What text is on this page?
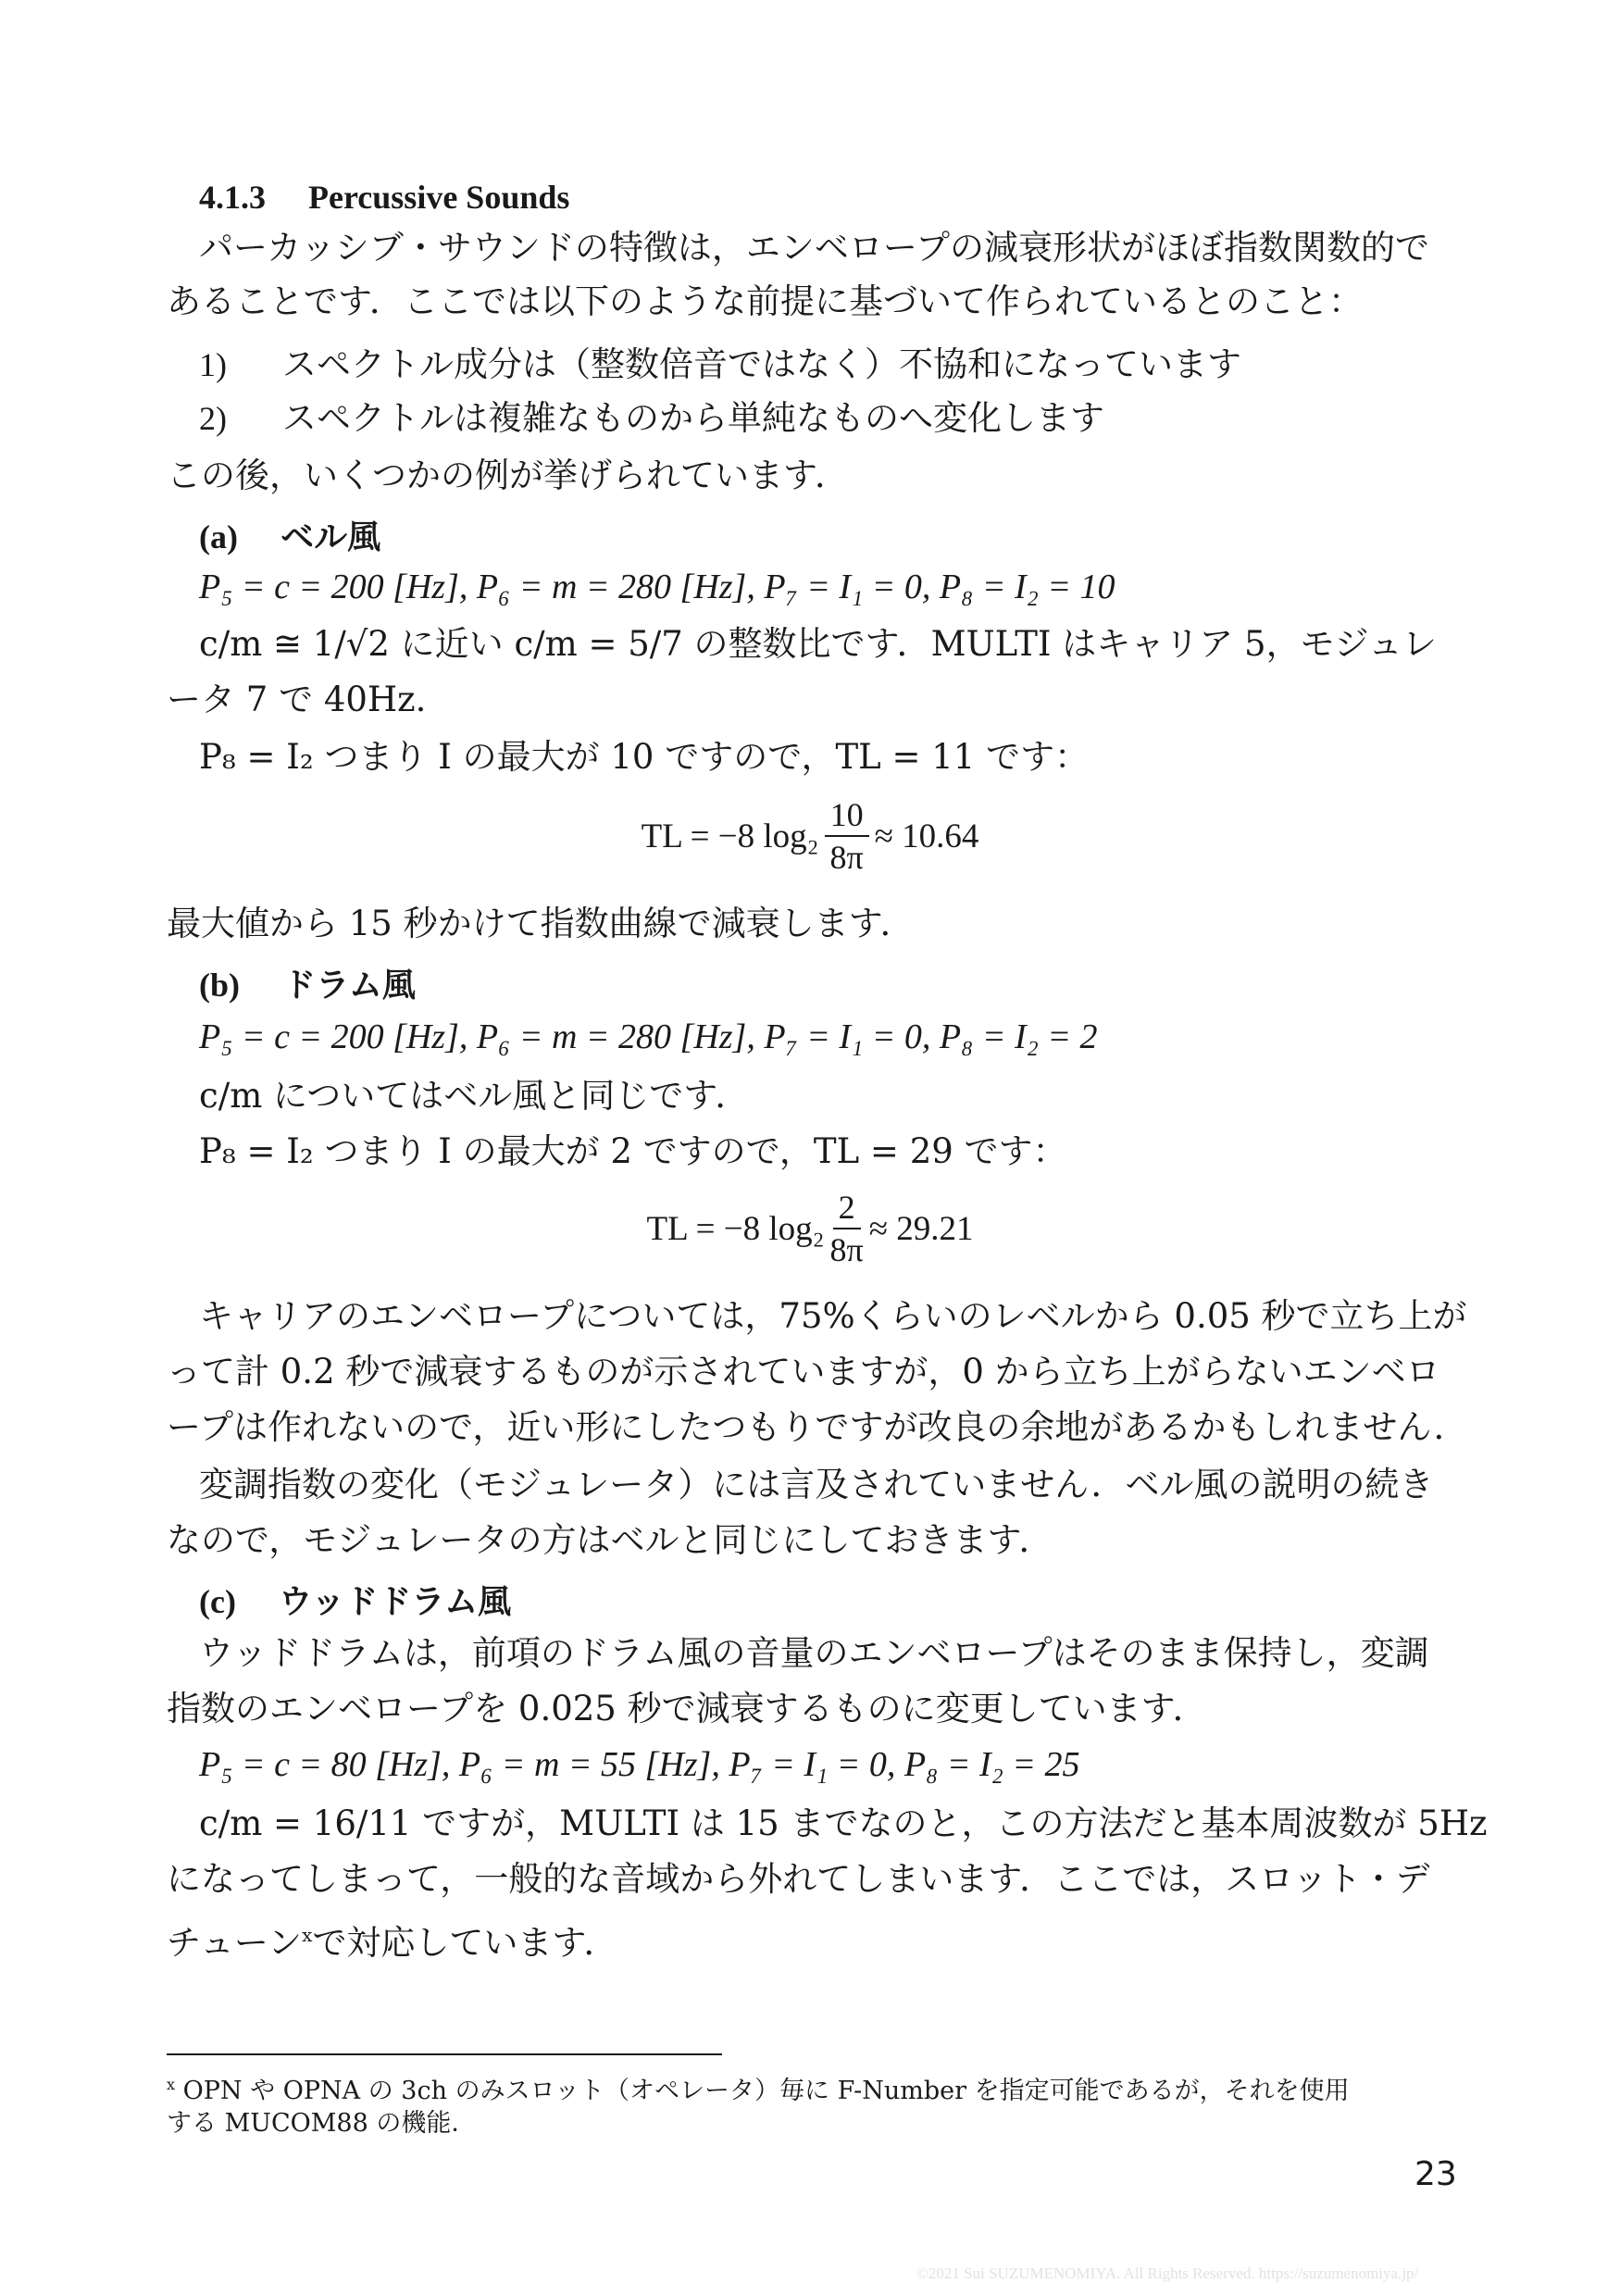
4.1.3 Percussive Sounds
パーカッシブ・サウンドの特徴は，エンベロープの減衰形状がほぼ指数関数的で
あることです．ここでは以下のような前提に基づいて作られているとのこと：
1) スペクトル成分は（整数倍音ではなく）不協和になっています
2) スペクトルは複雑なものから単純なものへ変化します
この後，いくつかの例が挙げられています．
(a) ベル風
P₅ = c = 200 [Hz], P₆ = m = 280 [Hz], P₇ = I₁ = 0, P₈ = I₂ = 10
c/m ≅ 1/√2 に近い c/m = 5/7 の整数比です．MULTI はキャリア 5，モジュレ
ータ 7 で 40Hz.
P₈ = I₂ つまり I の最大が 10 ですので，TL = 11 です：
TL = −8 $\log_2 \frac{10}{8\pi} \approx 10.64$
最大値から 15 秒かけて指数曲線で減衰します．
(b) ドラム風
P₅ = c = 200 [Hz], P₆ = m = 280 [Hz], P₇ = I₁ = 0, P₈ = I₂ = 2
c/m についてはベル風と同じです．
P₈ = I₂ つまり I の最大が 2 ですので，TL = 29 です：
TL = −8 $\log_2 \frac{2}{8\pi} \approx 29.21$
キャリアのエンベロープについては，75%くらいのレベルから 0.05 秒で立ち上が
って計 0.2 秒で減衰するものが示されていますが，0 から立ち上がらないエンベロ
ープは作れないので，近い形にしたつもりですが改良の余地があるかもしれません．
変調指数の変化（モジュレータ）には言及されていません．ベル風の説明の続き
なので，モジュレータの方はベルと同じにしておきます．
(c) ウッドドラム風
ウッドドラムは，前項のドラム風の音量のエンベロープはそのまま保持し，変調
指数のエンベロープを 0.025 秒で減衰するものに変更しています．
P₅ = c = 80 [Hz], P₆ = m = 55 [Hz], P₇ = I₁ = 0, P₈ = I₂ = 25
c/m = 16/11 ですが，MULTI は 15 までなのと，この方法だと基本周波数が 5Hz
になってしまって，一般的な音域から外れてしまいます．ここでは，スロット・デ
チューン$^x$で対応しています．
$^x$ OPN や OPNA の 3ch のみスロット（オペレータ）毎に F-Number を指定可能であるが，それを使用
する MUCOM88 の機能．
23
©2021 Sui SUZUMENOMIYA. All Rights Reserved. https://suzumenomiya.jp/
